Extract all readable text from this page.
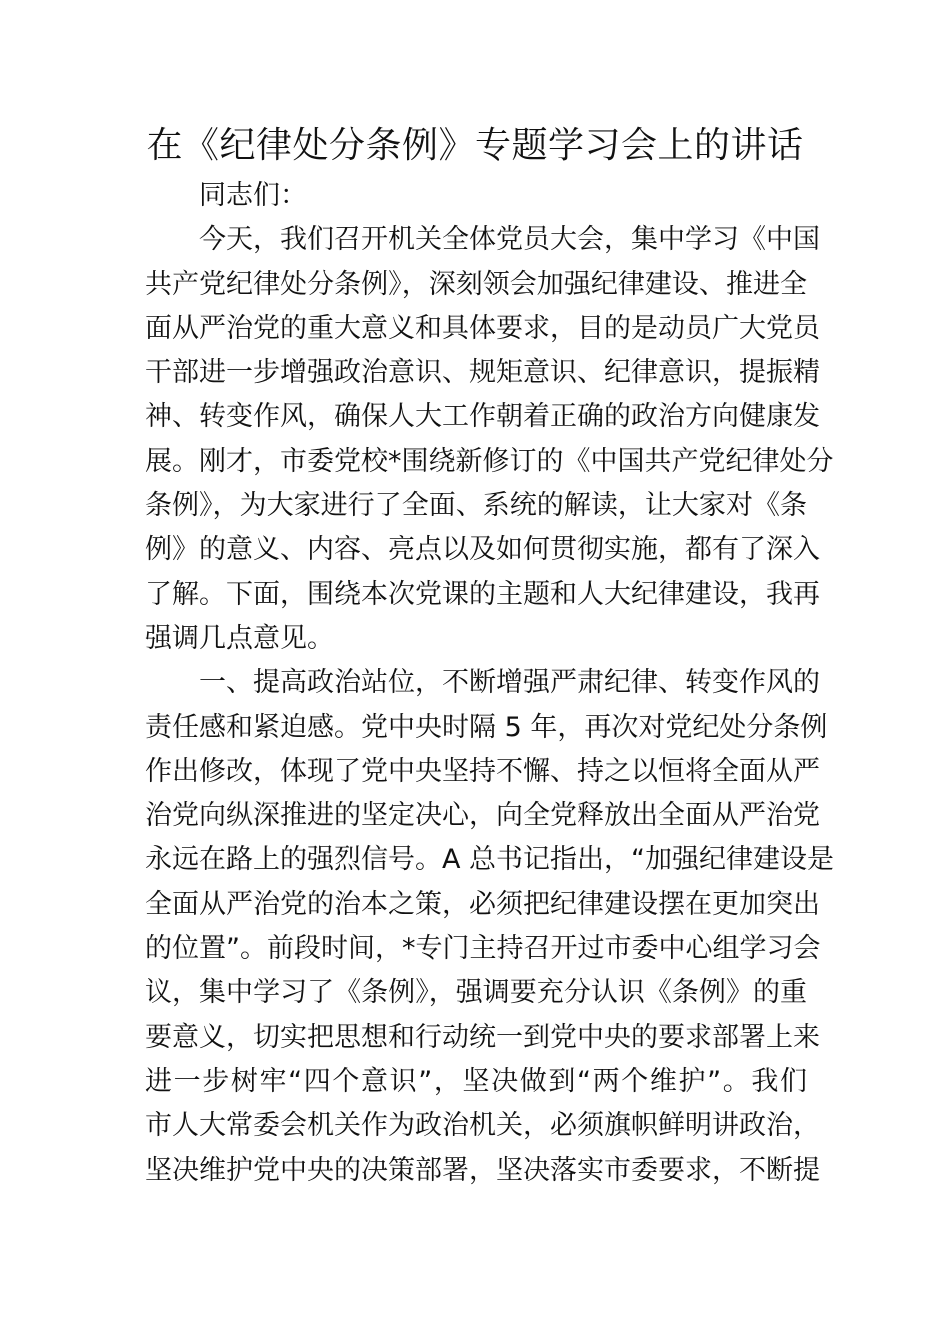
在《纪律处分条例》专题学习会上的讲话
同志们：
今天，我们召开机关全体党员大会，集中学习《中国
共产党纪律处分条例》，深刻领会加强纪律建设、推进全
面从严治党的重大意义和具体要求，目的是动员广大党员
干部进一步增强政治意识、规矩意识、纪律意识，提振精
神、转变作风，确保人大工作朝着正确的政治方向健康发
展。刚才，市委党校*围绕新修订的《中国共产党纪律处分
条例》，为大家进行了全面、系统的解读，让大家对《条
例》的意义、内容、亮点以及如何贯彻实施，都有了深入
了解。下面，围绕本次党课的主题和人大纪律建设，我再
强调几点意见。
一、提高政治站位，不断增强严肃纪律、转变作风的
责任感和紧迫感。党中央时隔 5 年，再次对党纪处分条例
作出修改，体现了党中央坚持不懈、持之以恒将全面从严
治党向纵深推进的坚定决心，向全党释放出全面从严治党
永远在路上的强烈信号。A 总书记指出，“加强纪律建设是
全面从严治党的治本之策，必须把纪律建设摆在更加突出
的位置”。前段时间，*专门主持召开过市委中心组学习会
议，集中学习了《条例》，强调要充分认识《条例》的重
要意义，切实把思想和行动统一到党中央的要求部署上来
进一步树牢“四个意识”，坚决做到“两个维护”。我们
市人大常委会机关作为政治机关，必须旗帜鲜明讲政治，
坚决维护党中央的决策部署，坚决落实市委要求，不断提
